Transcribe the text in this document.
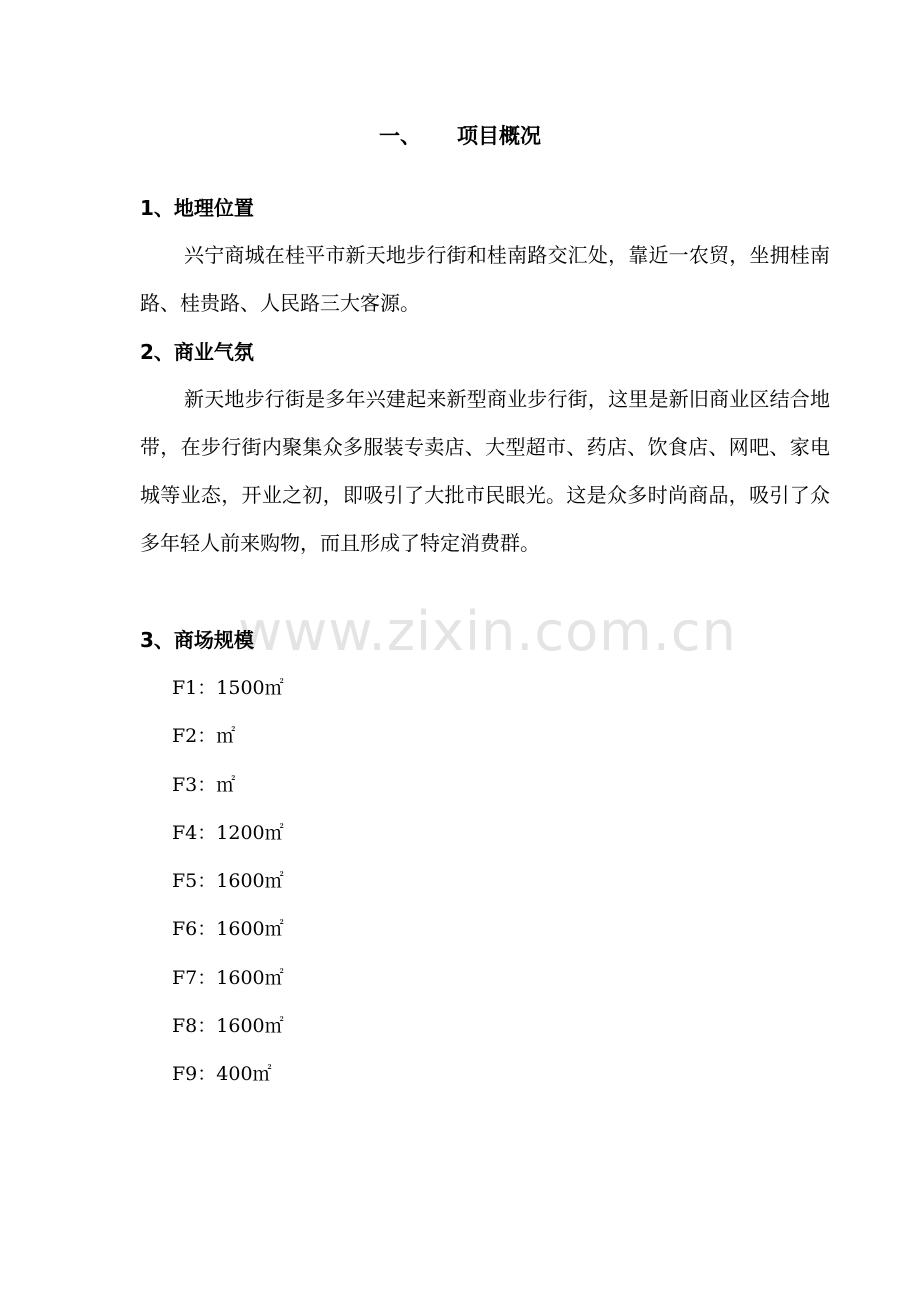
www.zixin.com.cn
一、 项目概况
1、地理位置
兴宁商城在桂平市新天地步行街和桂南路交汇处，靠近一农贸，坐拥桂南路、桂贵路、人民路三大客源。
2、商业气氛
新天地步行街是多年兴建起来新型商业步行街，这里是新旧商业区结合地带，在步行街内聚集众多服装专卖店、大型超市、药店、饮食店、网吧、家电城等业态，开业之初，即吸引了大批市民眼光。这是众多时尚商品，吸引了众多年轻人前来购物，而且形成了特定消费群。
3、商场规模
F1：1500㎡
F2：㎡
F3：㎡
F4：1200㎡
F5：1600㎡
F6：1600㎡
F7：1600㎡
F8：1600㎡
F9：400㎡
